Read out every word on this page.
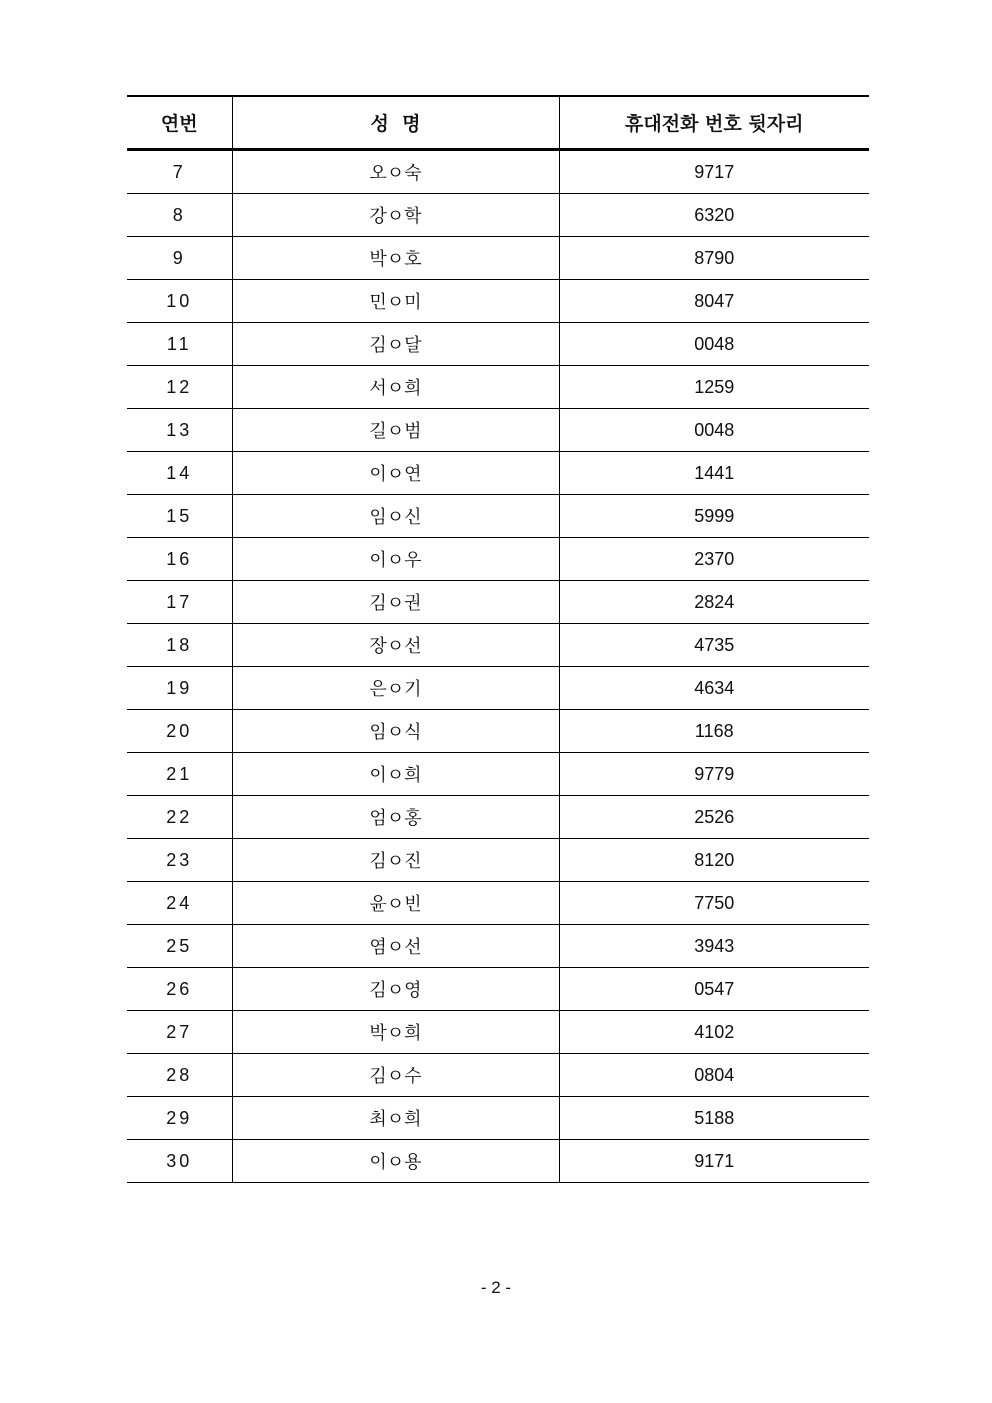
연번	성  명	휴대전화 번호 뒷자리
7	오ㅇ숙	9717
8	강ㅇ학	6320
9	박ㅇ호	8790
10	민ㅇ미	8047
11	김ㅇ달	0048
12	서ㅇ희	1259
13	길ㅇ범	0048
14	이ㅇ연	1441
15	임ㅇ신	5999
16	이ㅇ우	2370
17	김ㅇ권	2824
18	장ㅇ선	4735
19	은ㅇ기	4634
20	임ㅇ식	1168
21	이ㅇ희	9779
22	엄ㅇ홍	2526
23	김ㅇ진	8120
24	윤ㅇ빈	7750
25	염ㅇ선	3943
26	김ㅇ영	0547
27	박ㅇ희	4102
28	김ㅇ수	0804
29	최ㅇ희	5188
30	이ㅇ용	9171
- 2 -
